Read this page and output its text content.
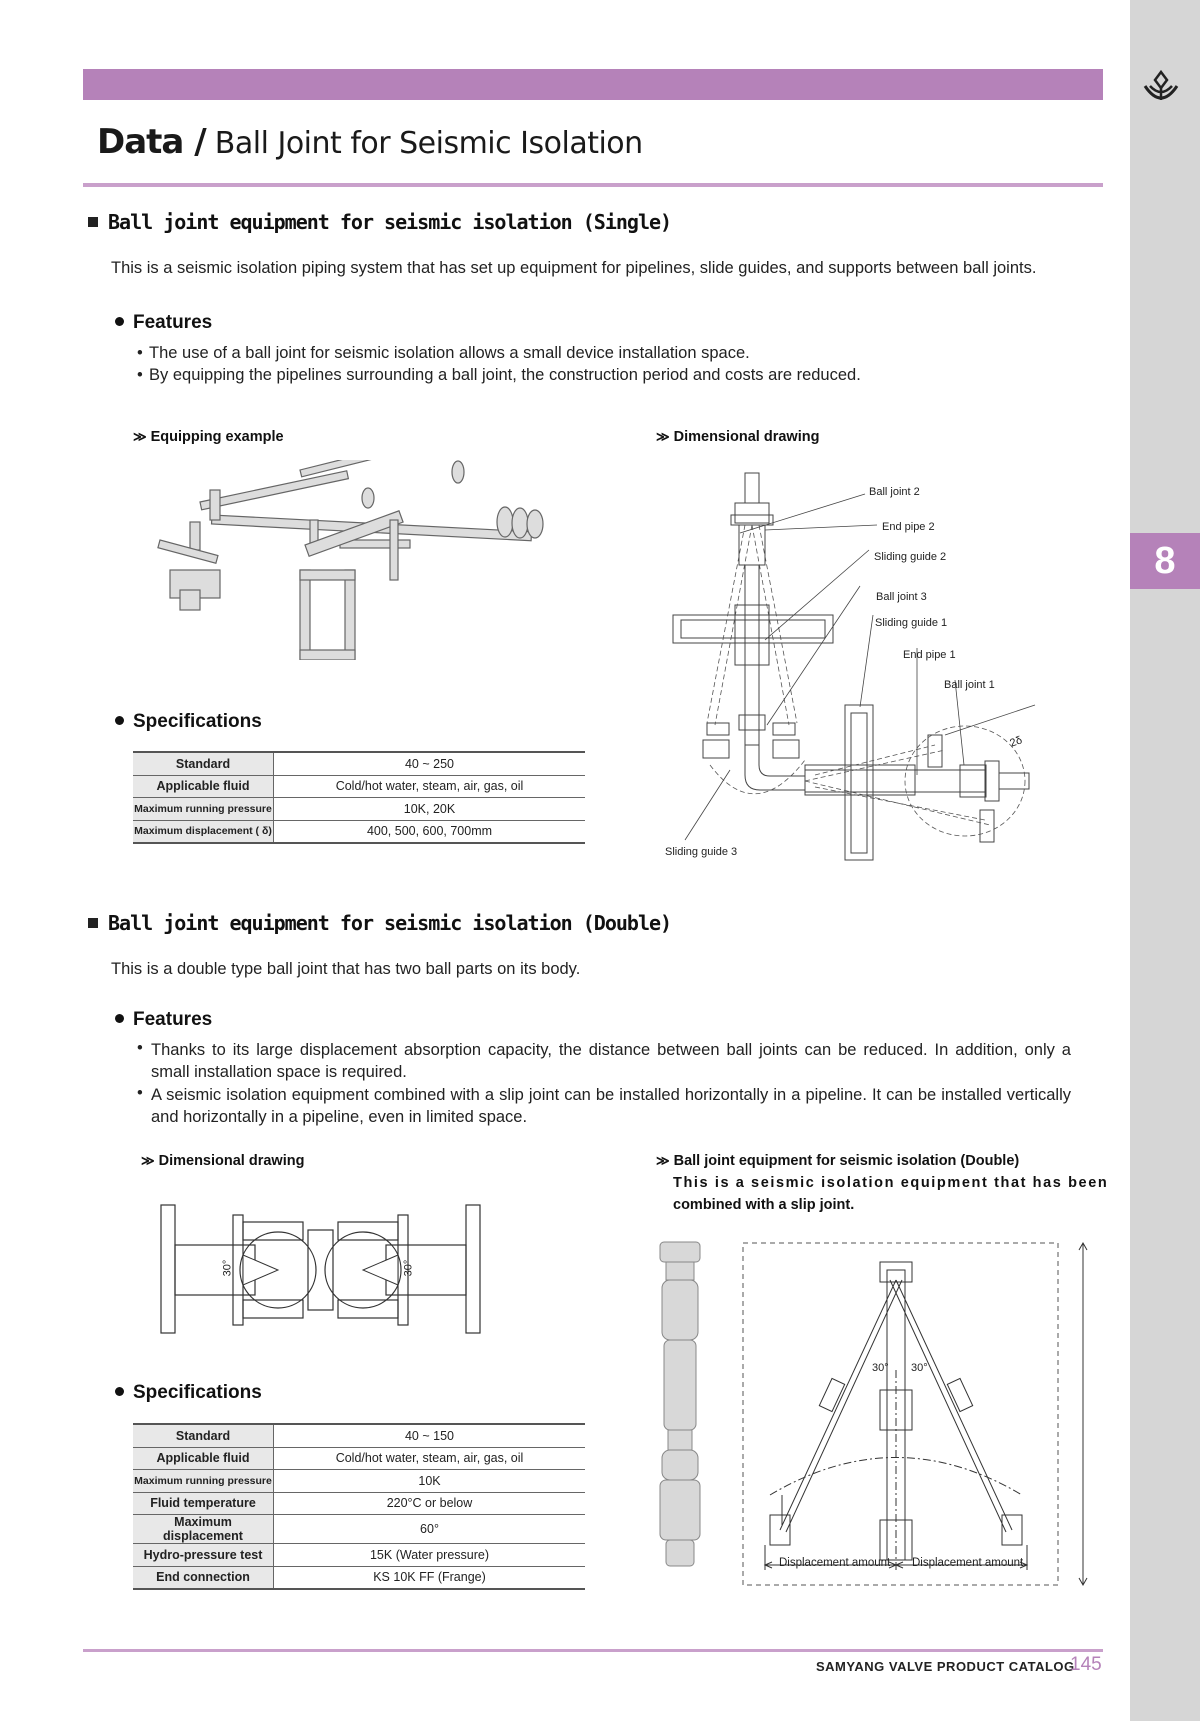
8
Data / Ball Joint for Seismic Isolation
Ball joint equipment for seismic isolation (Single)
This is a seismic isolation piping system that has set up equipment for pipelines, slide guides, and supports between ball joints.
Features
• The use of a ball joint for seismic isolation allows a small device installation space.
• By equipping the pipelines surrounding a ball joint, the construction period and costs are reduced.
≫ Equipping example	≫ Dimensional drawing
Ball joint 2
End pipe 2
Sliding guide 2
Ball joint 3
Sliding guide 1
End pipe 1
Ball joint 1
Sliding guide 3
2δ
Specifications
Standard	40 ~ 250
Applicable fluid	Cold/hot water, steam, air, gas, oil
Maximum running pressure	10K, 20K
Maximum displacement ( δ)	400, 500, 600, 700mm
Ball joint equipment for seismic isolation (Double)
This is a double type ball joint that has two ball parts on its body.
Features
• Thanks to its large displacement absorption capacity, the distance between ball joints can be reduced. In addition, only a small installation space is required.
• A seismic isolation equipment combined with a slip joint can be installed horizontally in a pipeline. It can be installed vertically and horizontally in a pipeline, even in limited space.
≫ Dimensional drawing
30°	30°
Specifications
Standard	40 ~ 150
Applicable fluid	Cold/hot water, steam, air, gas, oil
Maximum running pressure	10K
Fluid temperature	220°C or below
Maximum displacement	60°
Hydro-pressure test	15K (Water pressure)
End connection	KS 10K FF (Frange)
≫ Ball joint equipment for seismic isolation (Double)
This is a seismic isolation equipment that has been
combined with a slip joint.
30° 30°
Displacement amount Displacement amount
SAMYANG VALVE PRODUCT CATALOG
145
